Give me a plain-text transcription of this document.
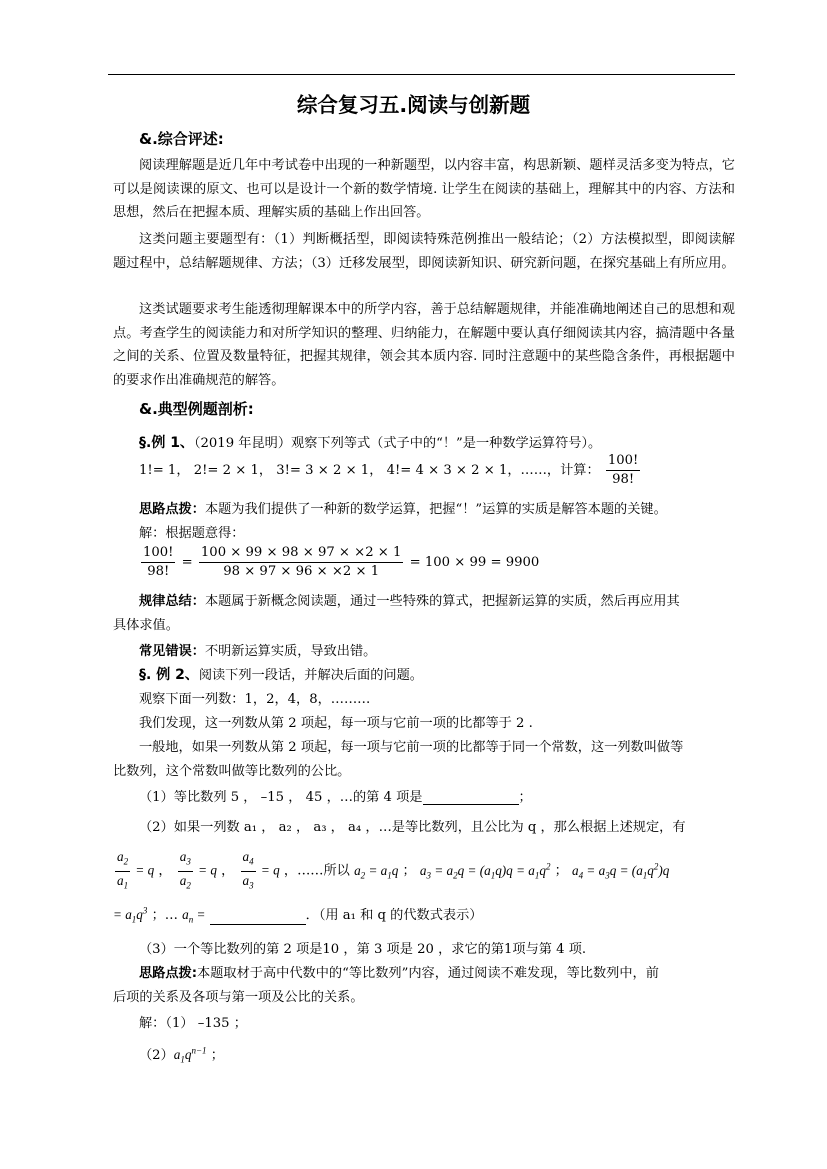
综合复习五.阅读与创新题
&.综合评述:
阅读理解题是近几年中考试卷中出现的一种新题型，以内容丰富，构思新颖、题样灵活多变为特点，它可以是阅读课的原文、也可以是设计一个新的数学情境. 让学生在阅读的基础上，理解其中的内容、方法和思想，然后在把握本质、理解实质的基础上作出回答。
这类问题主要题型有：（1）判断概括型，即阅读特殊范例推出一般结论；（2）方法模拟型，即阅读解题过程中，总结解题规律、方法；（3）迁移发展型，即阅读新知识、研究新问题，在探究基础上有所应用。
这类试题要求考生能透彻理解课本中的所学内容，善于总结解题规律，并能准确地阐述自己的思想和观点。考查学生的阅读能力和对所学知识的整理、归纳能力，在解题中要认真仔细阅读其内容，搞清题中各量之间的关系、位置及数量特征，把握其规律，领会其本质内容. 同时注意题中的某些隐含条件，再根据题中的要求作出准确规范的解答。
&.典型例题剖析:
§.例 1、（2019 年昆明）观察下列等式（式子中的“！”是一种数学运算符号）。
1!= 1， 2!= 2 × 1， 3!= 3 × 2 × 1， 4!= 4 × 3 × 2 × 1，……，计算： $\frac{100!}{98!}$
思路点拨：本题为我们提供了一种新的数学运算，把握“！”运算的实质是解答本题的关键。
解：根据题意得：
$\frac{100!}{98!} = \frac{100 \times 99 \times 98 \times 97 \times \times 2 \times 1}{98 \times 97 \times 96 \times \times 2 \times 1} = 100 \times 99 = 9900$
规律总结：本题属于新概念阅读题，通过一些特殊的算式，把握新运算的实质，然后再应用其
具体求值。
常见错误：不明新运算实质，导致出错。
§. 例 2、阅读下列一段话，并解决后面的问题。
观察下面一列数：1，2，4，8，………
我们发现，这一列数从第 2 项起，每一项与它前一项的比都等于 2 .
一般地，如果一列数从第 2 项起，每一项与它前一项的比都等于同一个常数，这一列数叫做等
比数列，这个常数叫做等比数列的公比。
（1）等比数列 5 ， –15 ， 45 ，…的第 4 项是	；
（2）如果一列数 a₁ ， a₂ ， a₃ ， a₄ ，…是等比数列，且公比为 q ，那么根据上述规定，有
$\frac{a_2}{a_1} = q$ ， $\frac{a_3}{a_2} = q$ ， $\frac{a_4}{a_3} = q$ ，……所以 $a_2 = a_1q$ ； $a_3 = a_2q = (a_1q)q = a_1q^2$ ； $a_4 = a_3q = (a_1q^2)q$
= $a_1q^3$ ；… $a_n$ =	．（用 a₁ 和 q 的代数式表示）
（3）一个等比数列的第 2 项是10 ，第 3 项是 20 ，求它的第1项与第 4 项.
思路点拨:本题取材于高中代数中的“等比数列”内容，通过阅读不难发现，等比数列中，前
后项的关系及各项与第一项及公比的关系。
解：（1） –135 ；
$(2)a_1q^{n-1}$ ；
